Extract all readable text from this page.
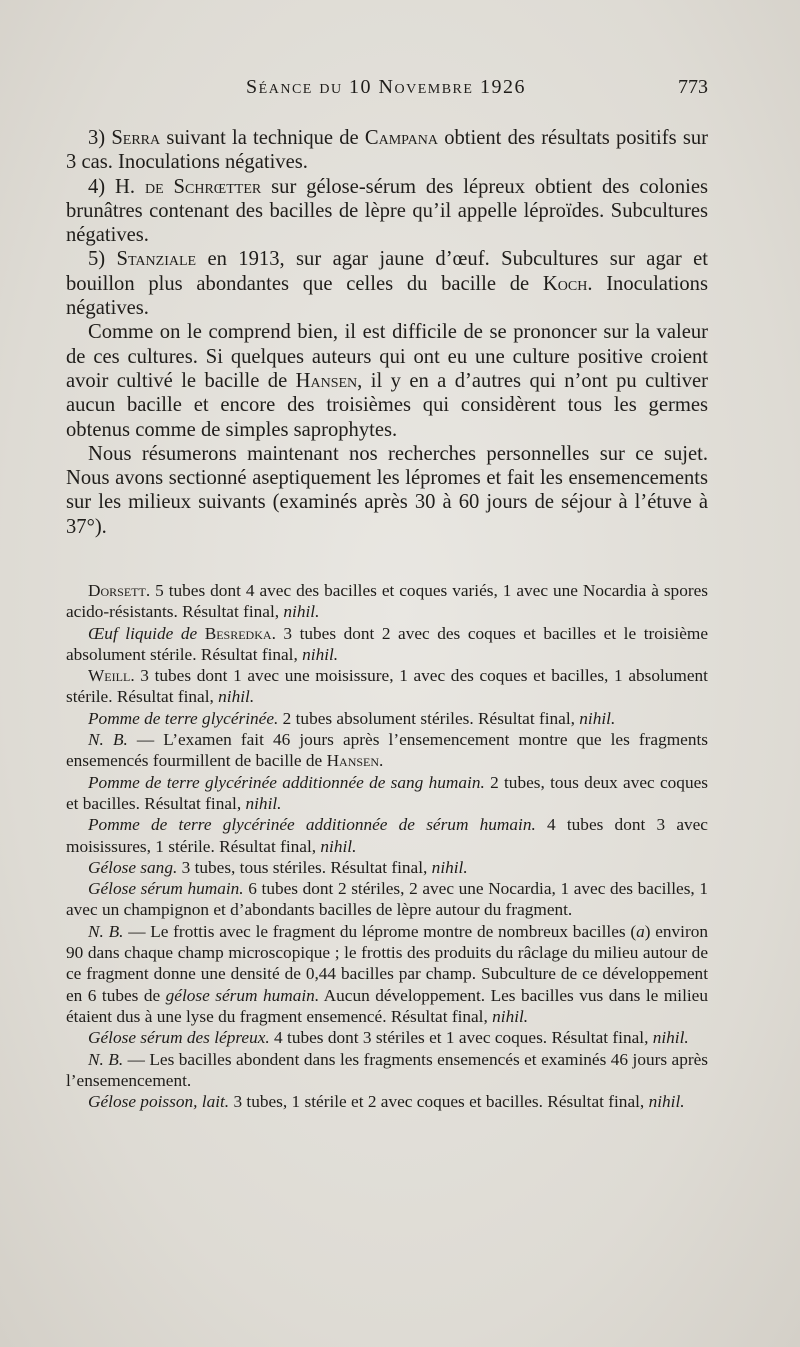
Séance du 10 Novembre 1926	773

3) Serra suivant la technique de Campana obtient des résultats positifs sur 3 cas. Inoculations négatives.

4) H. de Schrœtter sur gélose-sérum des lépreux obtient des colonies brunâtres contenant des bacilles de lèpre qu’il appelle léproïdes. Subcultures négatives.

5) Stanziale en 1913, sur agar jaune d’œuf. Subcultures sur agar et bouillon plus abondantes que celles du bacille de Koch. Inoculations négatives.

Comme on le comprend bien, il est difficile de se prononcer sur la valeur de ces cultures. Si quelques auteurs qui ont eu une culture positive croient avoir cultivé le bacille de Hansen, il y en a d’autres qui n’ont pu cultiver aucun bacille et encore des troisièmes qui considèrent tous les germes obtenus comme de simples saprophytes.

Nous résumerons maintenant nos recherches personnelles sur ce sujet. Nous avons sectionné aseptiquement les lépromes et fait les ensemencements sur les milieux suivants (examinés après 30 à 60 jours de séjour à l’étuve à 37°).

Dorsett. 5 tubes dont 4 avec des bacilles et coques variés, 1 avec une Nocardia à spores acido-résistants. Résultat final, nihil.

Œuf liquide de Besredka. 3 tubes dont 2 avec des coques et bacilles et le troisième absolument stérile. Résultat final, nihil.

Weill. 3 tubes dont 1 avec une moisissure, 1 avec des coques et bacilles, 1 absolument stérile. Résultat final, nihil.

Pomme de terre glycérinée. 2 tubes absolument stériles. Résultat final, nihil.

N. B. — L’examen fait 46 jours après l’ensemencement montre que les fragments ensemencés fourmillent de bacille de Hansen.

Pomme de terre glycérinée additionnée de sang humain. 2 tubes, tous deux avec coques et bacilles. Résultat final, nihil.

Pomme de terre glycérinée additionnée de sérum humain. 4 tubes dont 3 avec moisissures, 1 stérile. Résultat final, nihil.

Gélose sang. 3 tubes, tous stériles. Résultat final, nihil.

Gélose sérum humain. 6 tubes dont 2 stériles, 2 avec une Nocardia, 1 avec des bacilles, 1 avec un champignon et d’abondants bacilles de lèpre autour du fragment.

N. B. — Le frottis avec le fragment du léprome montre de nombreux bacilles (a) environ 90 dans chaque champ microscopique ; le frottis des produits du râclage du milieu autour de ce fragment donne une densité de 0,44 bacilles par champ. Subculture de ce développement en 6 tubes de gélose sérum humain. Aucun développement. Les bacilles vus dans le milieu étaient dus à une lyse du fragment ensemencé. Résultat final, nihil.

Gélose sérum des lépreux. 4 tubes dont 3 stériles et 1 avec coques. Résultat final, nihil.

N. B. — Les bacilles abondent dans les fragments ensemencés et examinés 46 jours après l’ensemencement.

Gélose poisson, lait. 3 tubes, 1 stérile et 2 avec coques et bacilles. Résultat final, nihil.
